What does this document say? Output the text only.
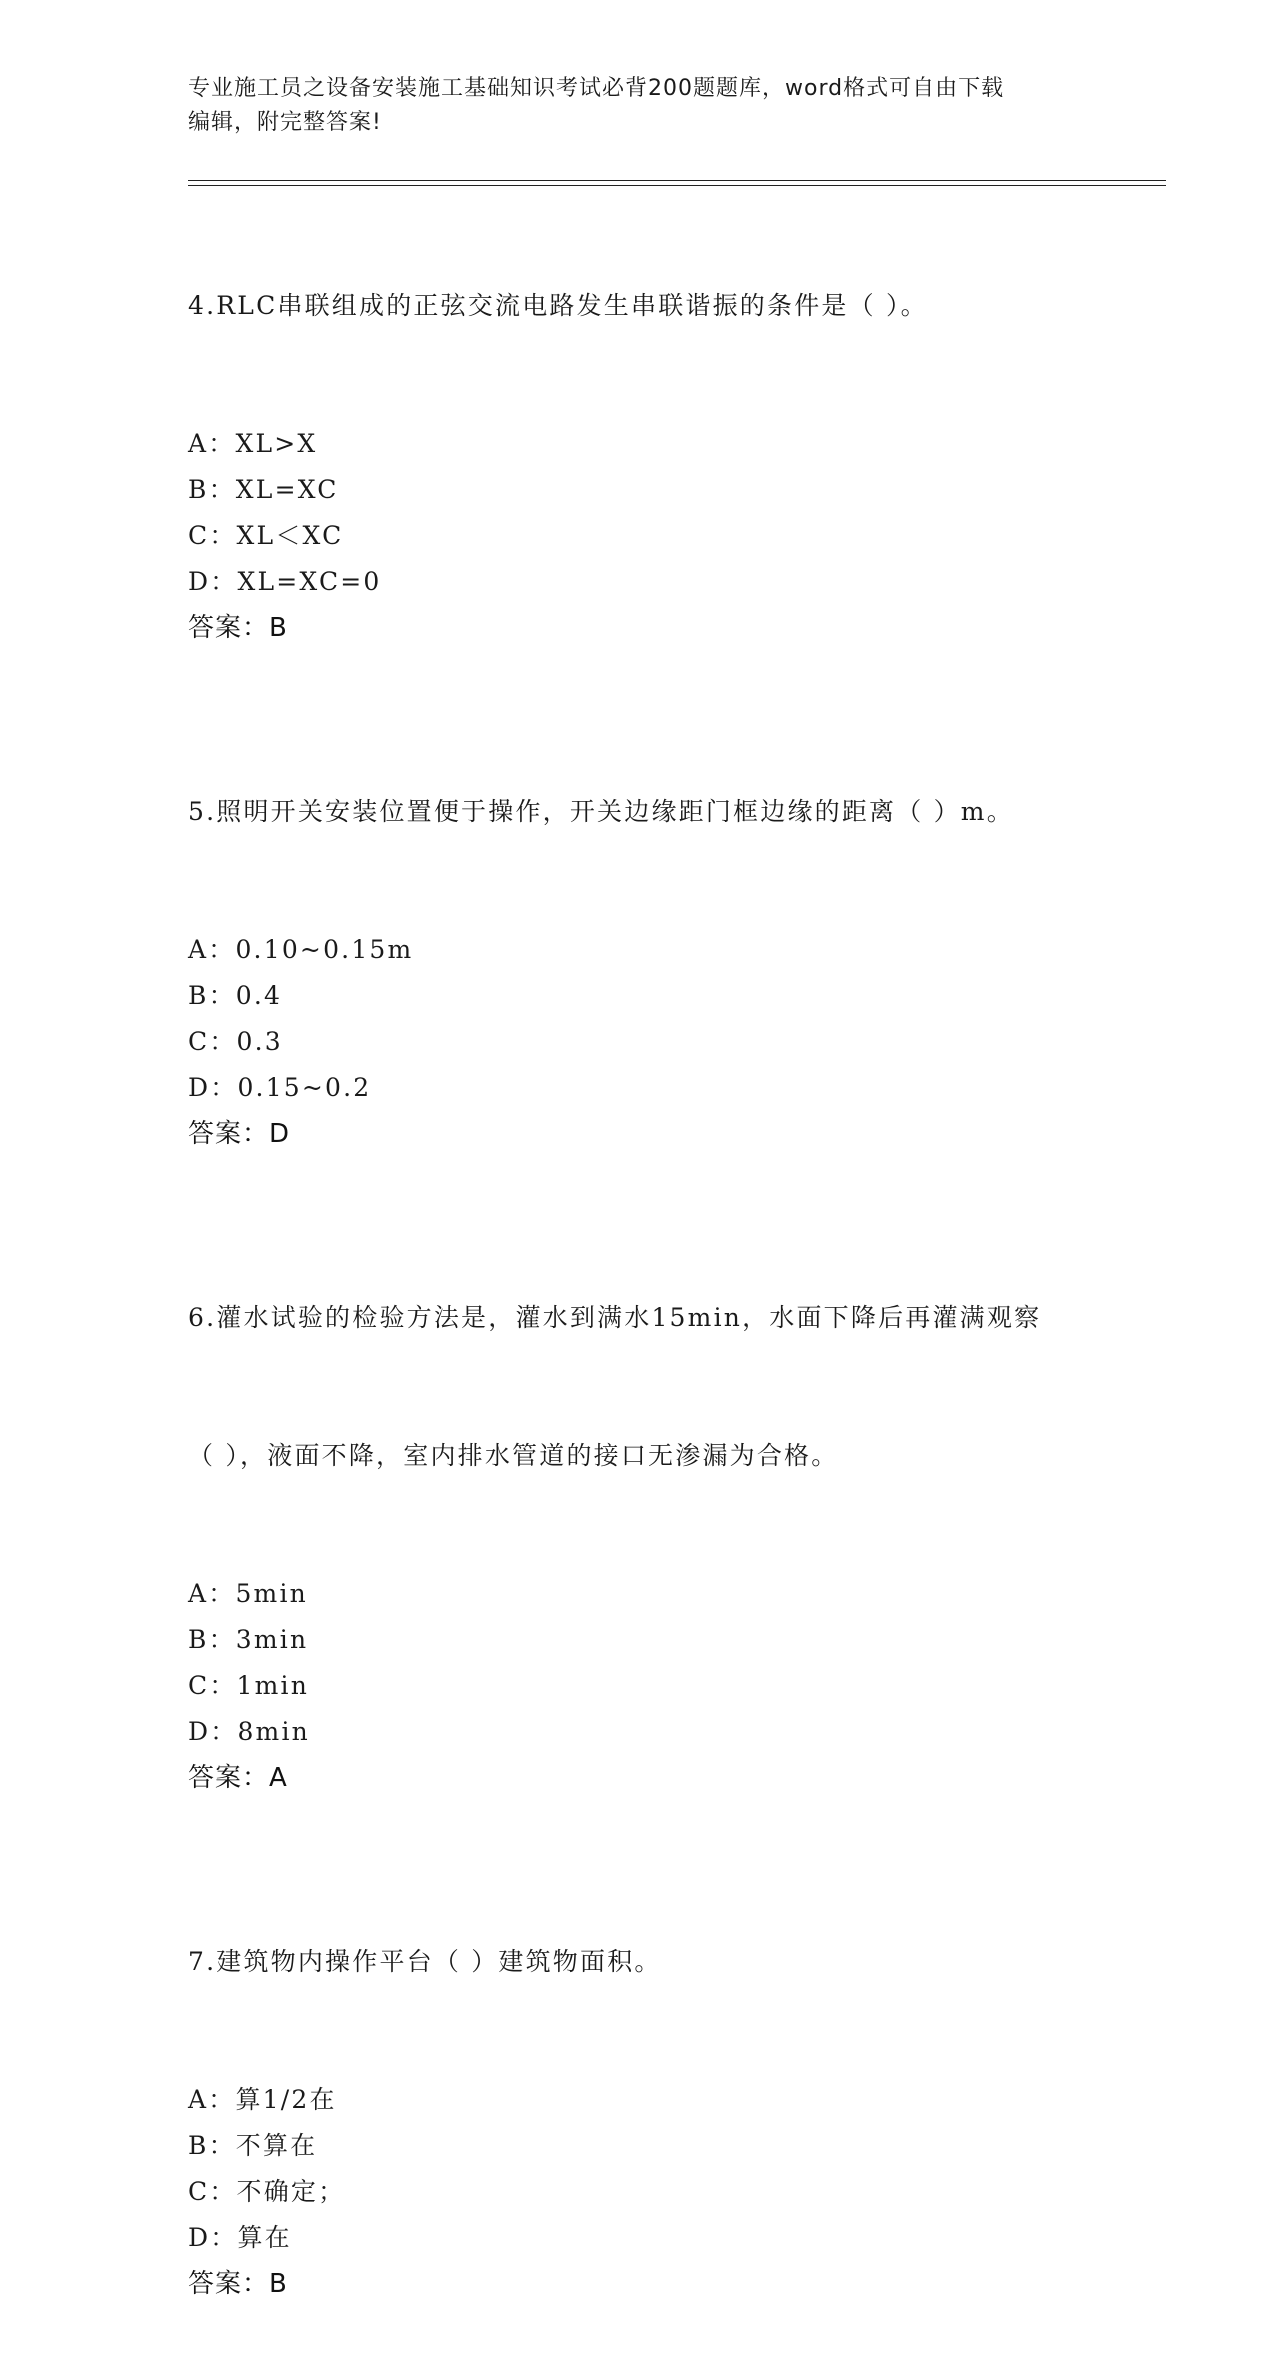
专业施工员之设备安装施工基础知识考试必背200题题库，word格式可自由下载
编辑，附完整答案!

4.RLC串联组成的正弦交流电路发生串联谐振的条件是（ ）。

A：XL>X
B：XL=XC
C：XL＜XC
D：XL=XC=0
答案：B

5.照明开关安装位置便于操作，开关边缘距门框边缘的距离（ ）m。

A：0.10~0.15m
B：0.4
C：0.3
D：0.15~0.2
答案：D

6.灌水试验的检验方法是，灌水到满水15min，水面下降后再灌满观察

（ ），液面不降，室内排水管道的接口无渗漏为合格。

A：5min
B：3min
C：1min
D：8min
答案：A

7.建筑物内操作平台（ ）建筑物面积。

A：算1/2在
B：不算在
C：不确定；
D：算在
答案：B
